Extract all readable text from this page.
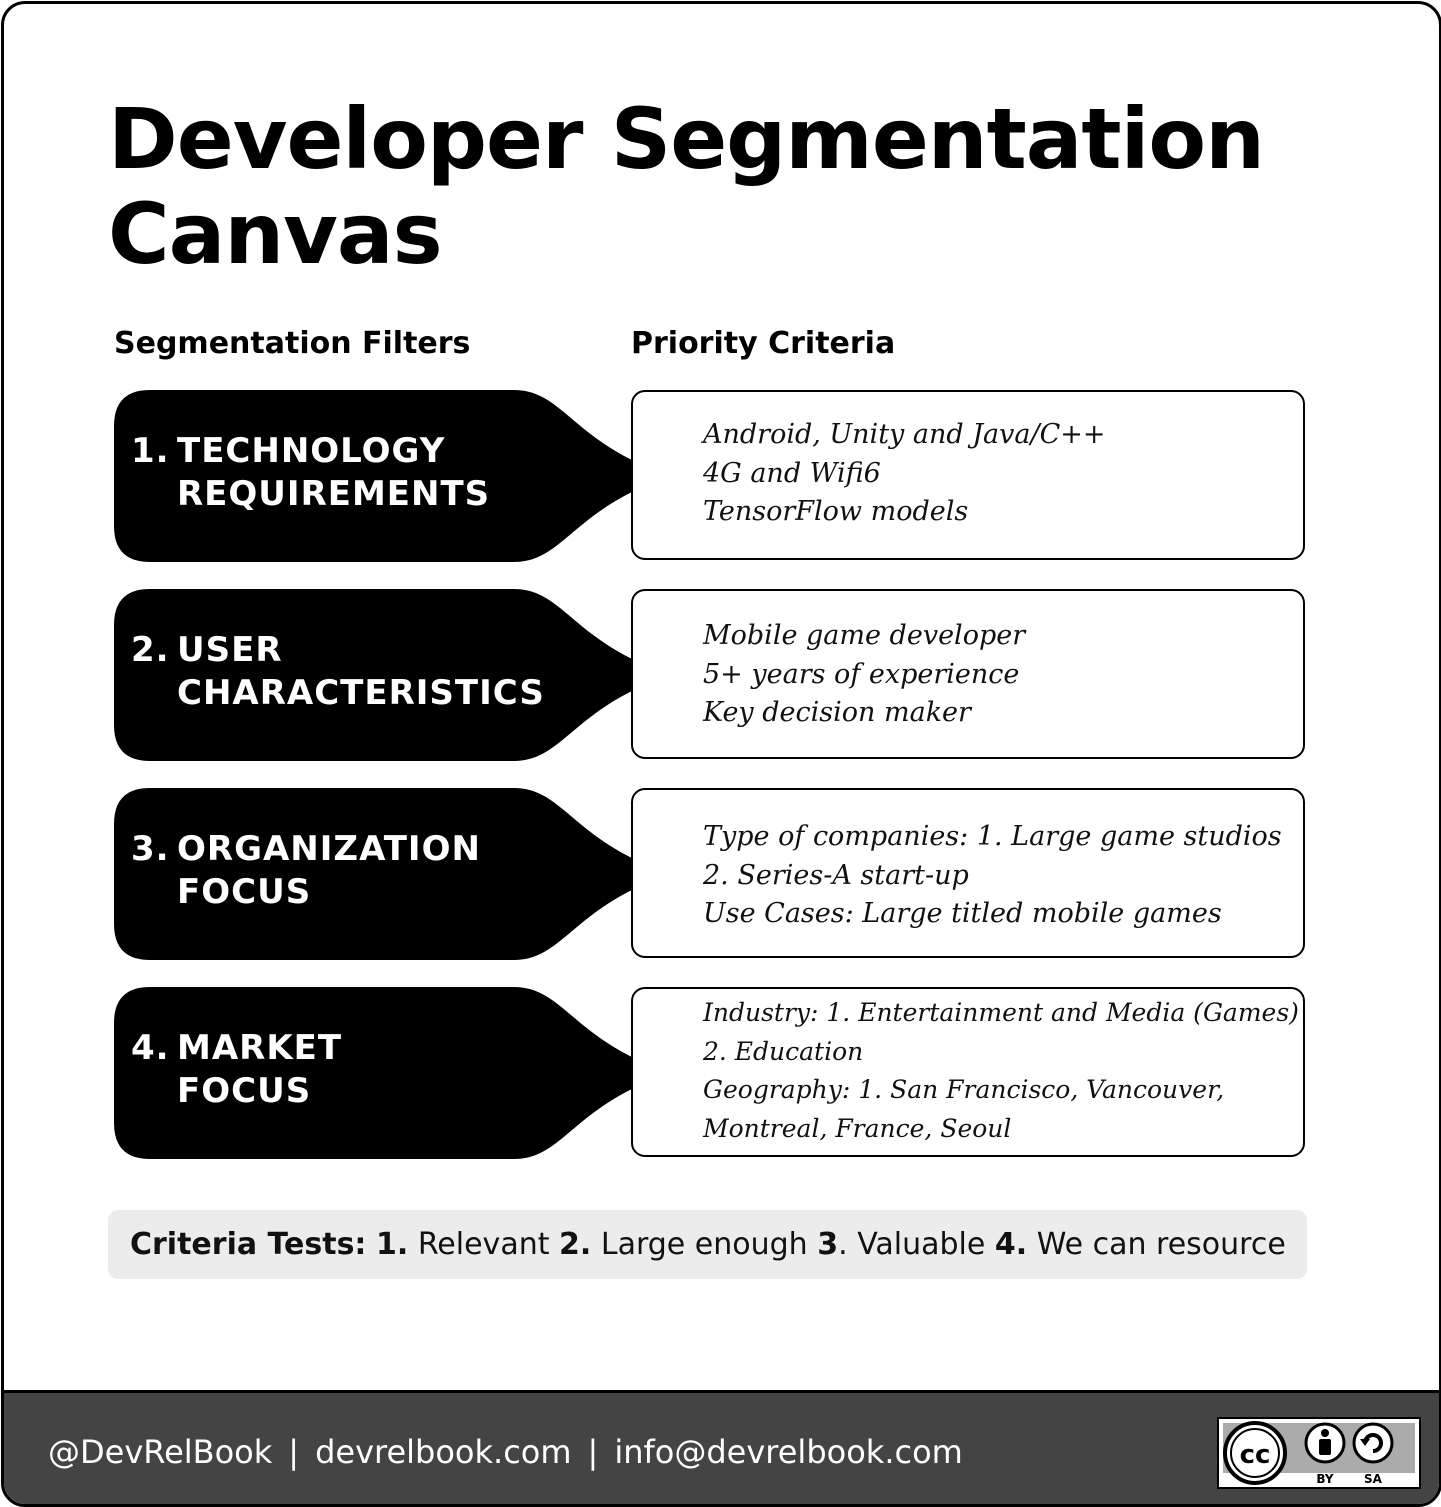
Developer Segmentation
Canvas
Segmentation Filters	Priority Criteria
1. TECHNOLOGY
REQUIREMENTS
Android, Unity and Java/C++
4G and Wifi6
TensorFlow models
2. USER
CHARACTERISTICS
Mobile game developer
5+ years of experience
Key decision maker
3. ORGANIZATION
FOCUS
Type of companies: 1. Large game studios
2. Series-A start-up
Use Cases: Large titled mobile games
4. MARKET
FOCUS
Industry: 1. Entertainment and Media (Games)
2. Education
Geography: 1. San Francisco, Vancouver,
Montreal, France, Seoul
Criteria Tests: 1. Relevant 2. Large enough 3. Valuable 4. We can resource
@DevRelBook | devrelbook.com | info@devrelbook.com	cc
BY	SA
